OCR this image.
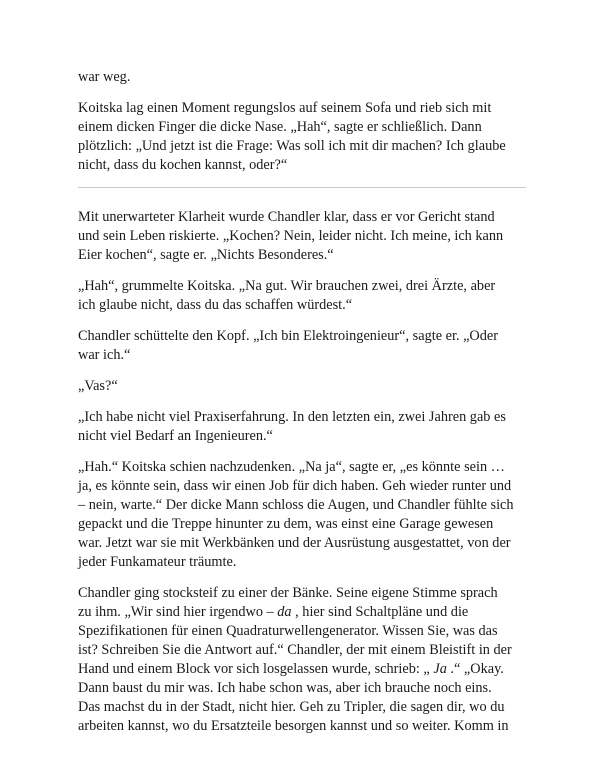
war weg.

Koitska lag einen Moment regungslos auf seinem Sofa und rieb sich mit
einem dicken Finger die dicke Nase. „Hah“, sagte er schließlich. Dann
plötzlich: „Und jetzt ist die Frage: Was soll ich mit dir machen? Ich glaube
nicht, dass du kochen kannst, oder?“

Mit unerwarteter Klarheit wurde Chandler klar, dass er vor Gericht stand
und sein Leben riskierte. „Kochen? Nein, leider nicht. Ich meine, ich kann
Eier kochen“, sagte er. „Nichts Besonderes.“

„Hah“, grummelte Koitska. „Na gut. Wir brauchen zwei, drei Ärzte, aber
ich glaube nicht, dass du das schaffen würdest.“

Chandler schüttelte den Kopf. „Ich bin Elektroingenieur“, sagte er. „Oder
war ich.“

„Vas?“

„Ich habe nicht viel Praxiserfahrung. In den letzten ein, zwei Jahren gab es
nicht viel Bedarf an Ingenieuren.“

„Hah.“ Koitska schien nachzudenken. „Na ja“, sagte er, „es könnte sein …
ja, es könnte sein, dass wir einen Job für dich haben. Geh wieder runter und
– nein, warte.“ Der dicke Mann schloss die Augen, und Chandler fühlte sich
gepackt und die Treppe hinunter zu dem, was einst eine Garage gewesen
war. Jetzt war sie mit Werkbänken und der Ausrüstung ausgestattet, von der
jeder Funkamateur träumte.

Chandler ging stocksteif zu einer der Bänke. Seine eigene Stimme sprach
zu ihm. „Wir sind hier irgendwo – da , hier sind Schaltpläne und die
Spezifikationen für einen Quadraturwellengenerator. Wissen Sie, was das
ist? Schreiben Sie die Antwort auf.“ Chandler, der mit einem Bleistift in der
Hand und einem Block vor sich losgelassen wurde, schrieb: „ Ja .“ „Okay.
Dann baust du mir was. Ich habe schon was, aber ich brauche noch eins.
Das machst du in der Stadt, nicht hier. Geh zu Tripler, die sagen dir, wo du
arbeiten kannst, wo du Ersatzteile besorgen kannst und so weiter. Komm in
